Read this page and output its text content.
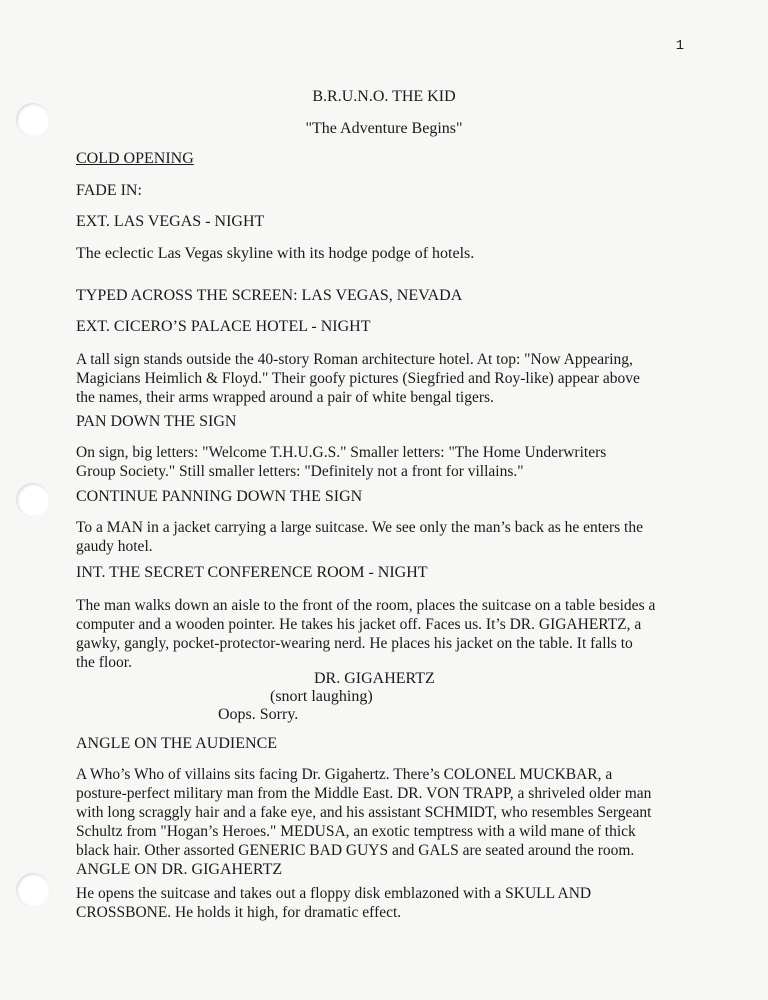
1
B.R.U.N.O. THE KID
"The Adventure Begins"
COLD OPENING
FADE IN:
EXT. LAS VEGAS - NIGHT
The eclectic Las Vegas skyline with its hodge podge of hotels.
TYPED ACROSS THE SCREEN: LAS VEGAS, NEVADA
EXT. CICERO’S PALACE HOTEL - NIGHT
A tall sign stands outside the 40-story Roman architecture hotel. At top: "Now Appearing,
Magicians Heimlich & Floyd." Their goofy pictures (Siegfried and Roy-like) appear above
the names, their arms wrapped around a pair of white bengal tigers.
PAN DOWN THE SIGN
On sign, big letters: "Welcome T.H.U.G.S." Smaller letters: "The Home Underwriters
Group Society." Still smaller letters: "Definitely not a front for villains."
CONTINUE PANNING DOWN THE SIGN
To a MAN in a jacket carrying a large suitcase. We see only the man’s back as he enters the
gaudy hotel.
INT. THE SECRET CONFERENCE ROOM - NIGHT
The man walks down an aisle to the front of the room, places the suitcase on a table besides a
computer and a wooden pointer. He takes his jacket off. Faces us. It’s DR. GIGAHERTZ, a
gawky, gangly, pocket-protector-wearing nerd. He places his jacket on the table. It falls to
the floor.
DR. GIGAHERTZ
(snort laughing)
Oops. Sorry.
ANGLE ON THE AUDIENCE
A Who’s Who of villains sits facing Dr. Gigahertz. There’s COLONEL MUCKBAR, a
posture-perfect military man from the Middle East. DR. VON TRAPP, a shriveled older man
with long scraggly hair and a fake eye, and his assistant SCHMIDT, who resembles Sergeant
Schultz from "Hogan’s Heroes." MEDUSA, an exotic temptress with a wild mane of thick
black hair. Other assorted GENERIC BAD GUYS and GALS are seated around the room.
ANGLE ON DR. GIGAHERTZ
He opens the suitcase and takes out a floppy disk emblazoned with a SKULL AND
CROSSBONE. He holds it high, for dramatic effect.
